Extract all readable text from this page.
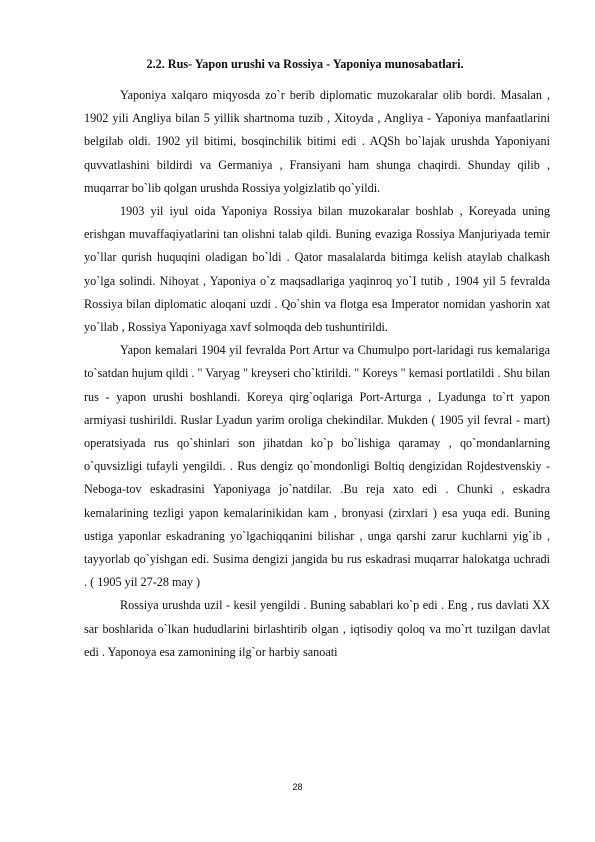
2.2. Rus- Yapon urushi va Rossiya - Yaponiya munosabatlari.

Yaponiya xalqaro miqyosda zo`r berib diplomatic muzokaralar olib bordi. Masalan , 1902 yili Angliya bilan 5 yillik shartnoma tuzib , Xitoyda , Angliya - Yaponiya manfaatlarini belgilab oldi. 1902 yil bitimi, bosqinchilik bitimi edi . AQSh bo`lajak urushda Yaponiyani quvvatlashini bildirdi va Germaniya , Fransiyani ham shunga chaqirdi. Shunday qilib , muqarrar bo`lib qolgan urushda Rossiya yolgizlatib qo`yildi.

1903 yil iyul oida Yaponiya Rossiya bilan muzokaralar boshlab , Koreyada uning erishgan muvaffaqiyatlarini tan olishni talab qildi. Buning evaziga Rossiya Manjuriyada temir yo`llar qurish huquqini oladigan bo`ldi . Qator masalalarda bitimga kelish ataylab chalkash yo`lga solindi. Nihoyat , Yaponiya o`z maqsadlariga yaqinroq yo`I tutib , 1904 yil 5 fevralda Rossiya bilan diplomatic aloqani uzdi . Qo`shin va flotga esa Imperator nomidan yashorin xat yo`llab , Rossiya Yaponiyaga xavf solmoqda deb tushuntirildi.

Yapon kemalari 1904 yil fevralda Port Artur va Chumulpo port-laridagi rus kemalariga to`satdan hujum qildi . " Varyag " kreyseri cho`ktirildi. " Koreys " kemasi portlatildi . Shu bilan rus - yapon urushi boshlandi. Koreya qirg`oqlariga Port-Arturga , Lyadunga to`rt yapon armiyasi tushirildi. Ruslar Lyadun yarim oroliga chekindilar. Mukden ( 1905 yil fevral - mart) operatsiyada rus qo`shinlari son jihatdan ko`p bo`lishiga qaramay , qo`mondanlarning o`quvsizligi tufayli yengildi. . Rus dengiz qo`mondonligi Boltiq dengizidan Rojdestvenskiy - Neboga-tov eskadrasini Yaponiyaga jo`natdilar. .Bu reja xato edi . Chunki , eskadra kemalarining tezligi yapon kemalarinikidan kam , bronyasi (zirxlari ) esa yuqa edi. Buning ustiga yaponlar eskadraning yo`lgachiqqanini bilishar , unga qarshi zarur kuchlarni yig`ib , tayyorlab qo`yishgan edi. Susima dengizi jangida bu rus eskadrasi muqarrar halokatga uchradi . ( 1905 yil 27-28 may )

Rossiya urushda uzil - kesil yengildi . Buning sabablari ko`p edi . Eng , rus davlati XX sar boshlarida o`lkan hududlarini birlashtirib olgan , iqtisodiy qoloq va mo`rt tuzilgan davlat edi . Yaponoya esa zamonining ilg`or harbiy sanoati

28
